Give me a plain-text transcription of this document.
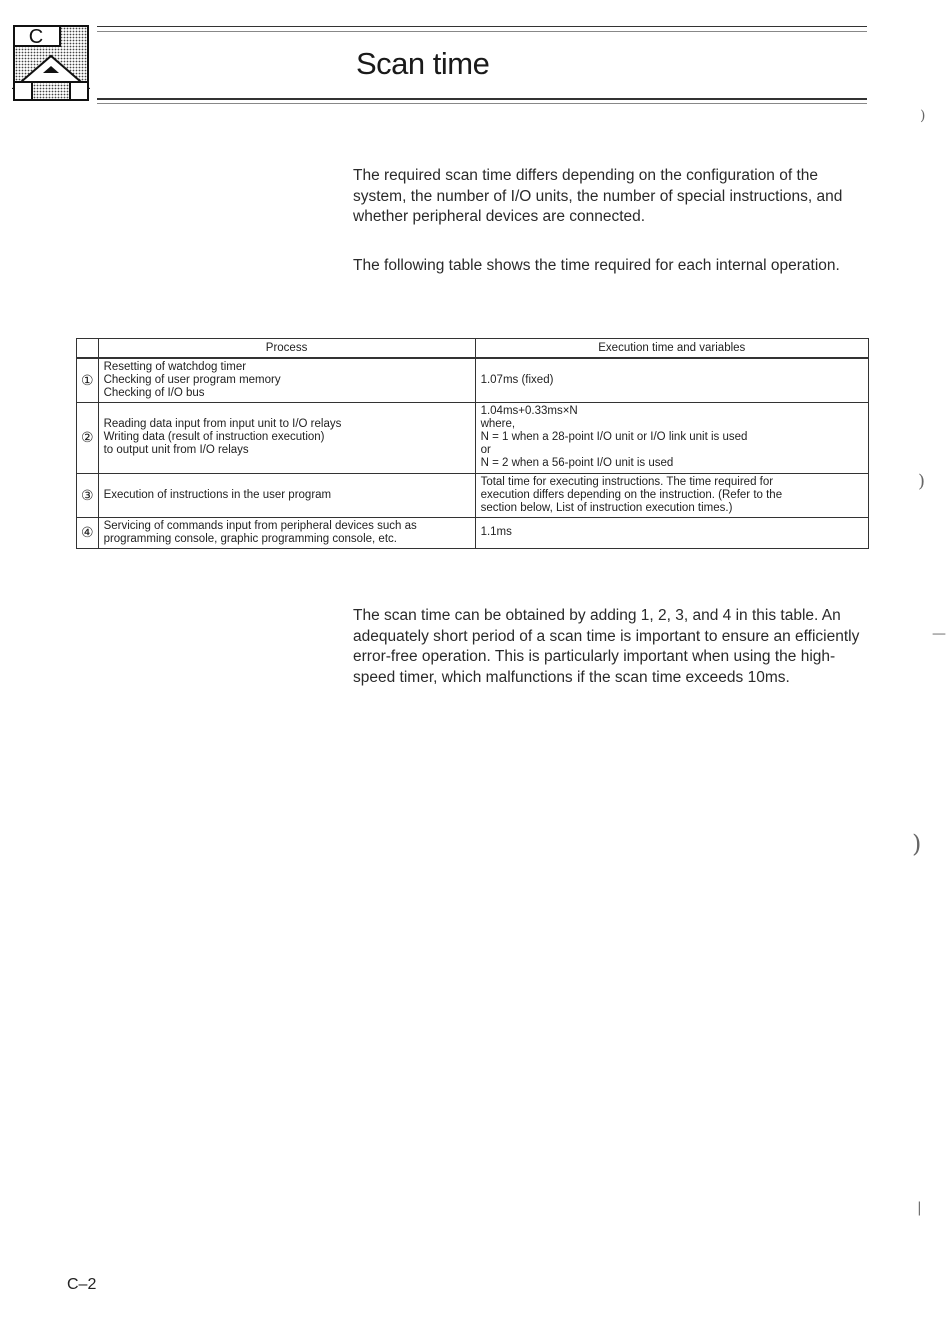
C
Scan time

The required scan time differs depending on the configuration of the system, the number of I/O units, the number of special instructions, and whether peripheral devices are connected.

The following table shows the time required for each internal operation.

	Process	Execution time and variables
①	Resetting of watchdog timer
Checking of user program memory
Checking of I/O bus	1.07ms (fixed)

②	Reading data input from input unit to I/O relays
Writing data (result of instruction execution)
to output unit from I/O relays	1.04ms+0.33ms×N
where,
N = 1 when a 28-point I/O unit or I/O link unit is used
or
N = 2 when a 56-point I/O unit is used

③	Execution of instructions in the user program	Total time for executing instructions. The time required for
execution differs depending on the instruction. (Refer to the
section below, List of instruction execution times.)

④	Servicing of commands input from peripheral devices such as
programming console, graphic programming console, etc.	1.1ms

The scan time can be obtained by adding 1, 2, 3, and 4 in this table. An adequately short period of a scan time is important to ensure an efficiently error-free operation. This is particularly important when using the high-speed timer, which malfunctions if the scan time exceeds 10ms.

C–2
)
)
—
)
|
